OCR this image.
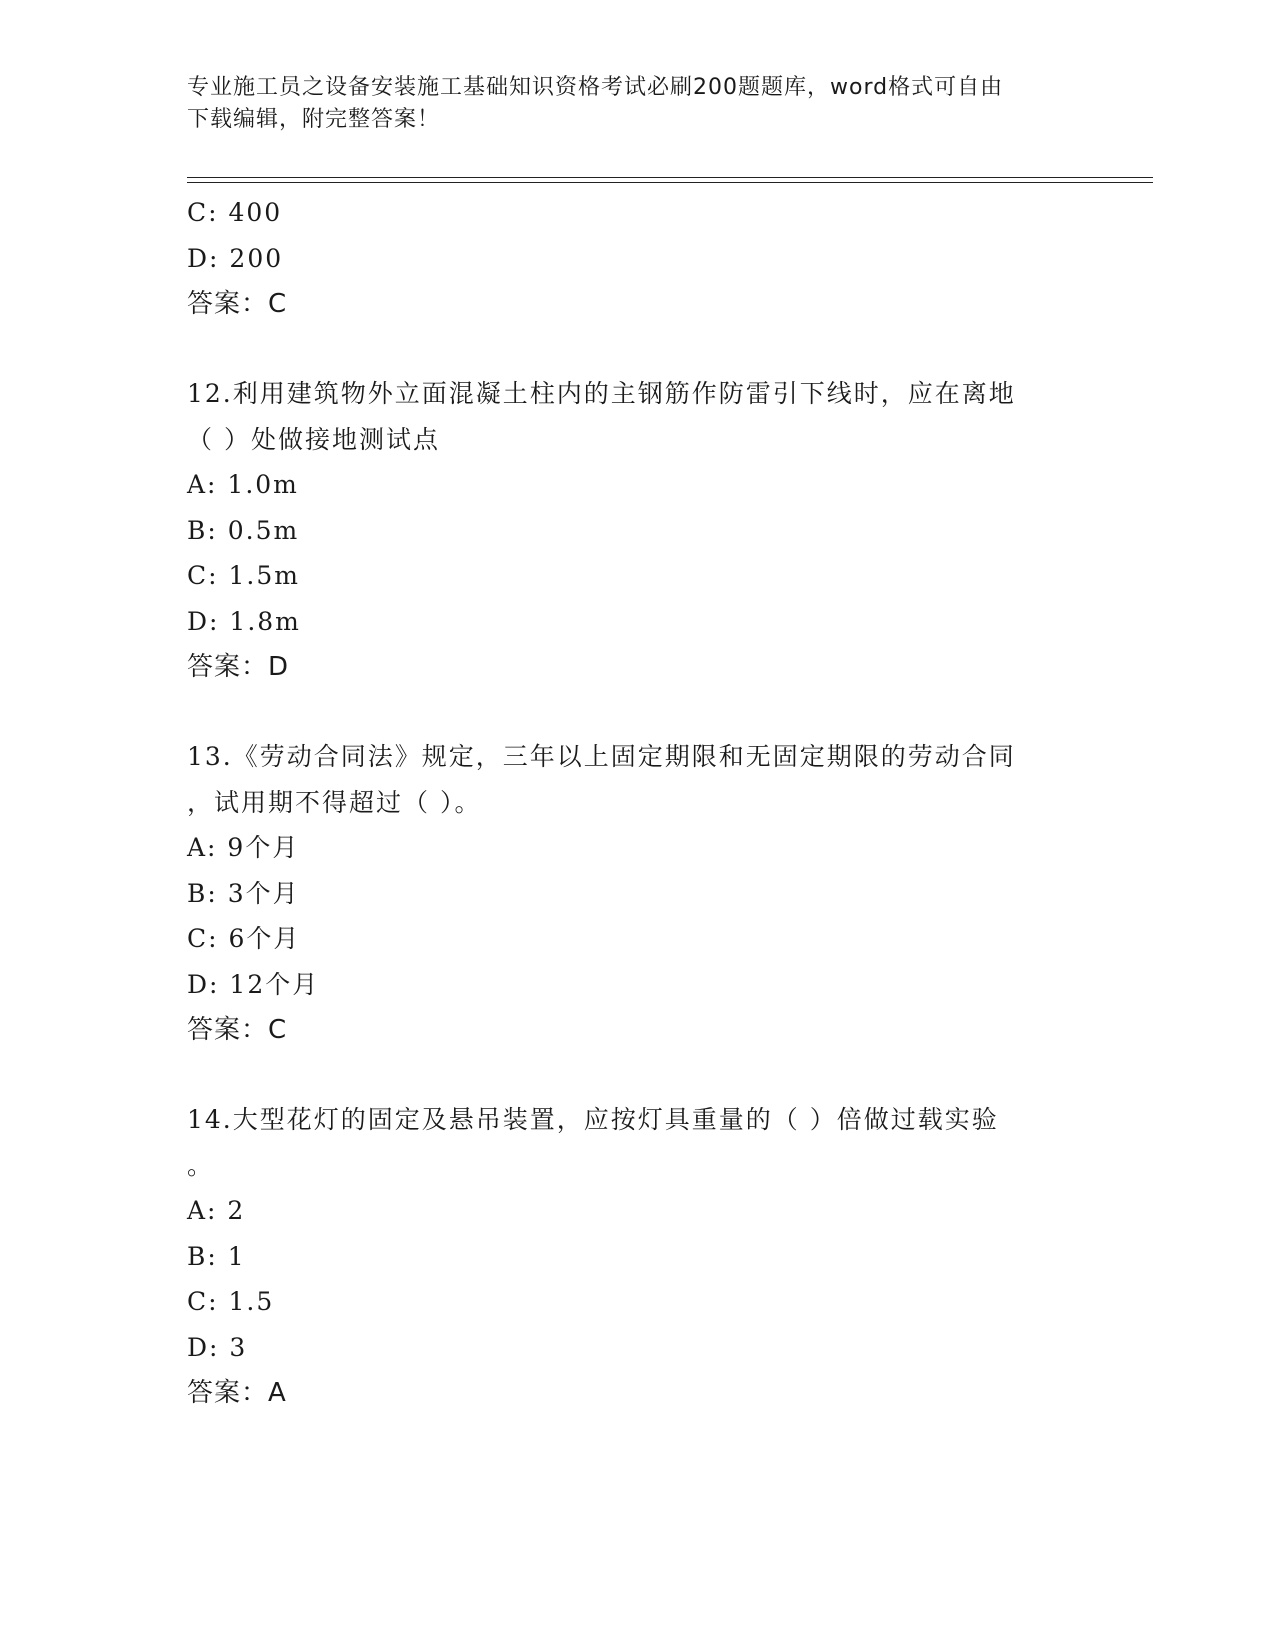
专业施工员之设备安装施工基础知识资格考试必刷200题题库，word格式可自由
下载编辑，附完整答案！
C: 400
D: 200
答案：C
12.利用建筑物外立面混凝土柱内的主钢筋作防雷引下线时，应在离地
（ ）处做接地测试点
A: 1.0m
B: 0.5m
C: 1.5m
D: 1.8m
答案：D
13.《劳动合同法》规定，三年以上固定期限和无固定期限的劳动合同
，试用期不得超过（ ）。
A: 9个月
B: 3个月
C: 6个月
D: 12个月
答案：C
14.大型花灯的固定及悬吊装置，应按灯具重量的（ ）倍做过载实验
。
A: 2
B: 1
C: 1.5
D: 3
答案：A
